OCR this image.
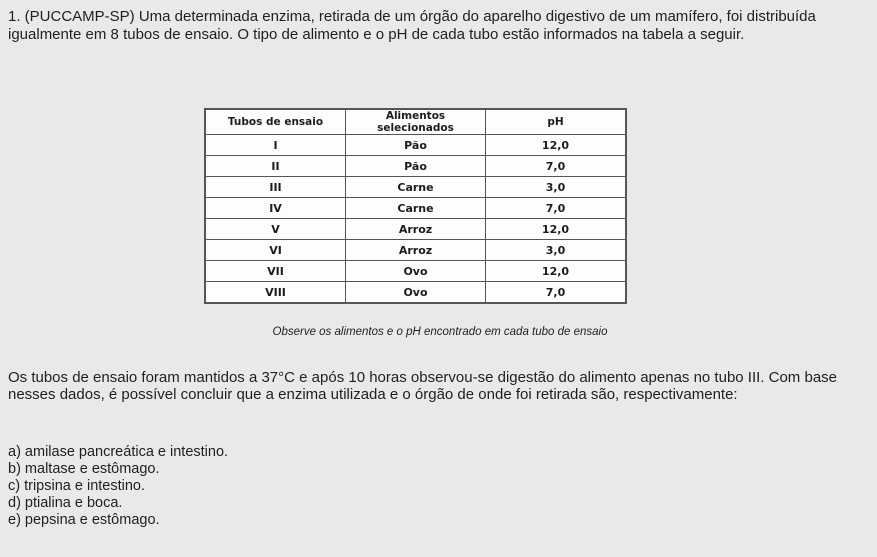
1. (PUCCAMP-SP) Uma determinada enzima, retirada de um órgão do aparelho digestivo de um mamífero, foi distribuída igualmente em 8 tubos de ensaio. O tipo de alimento e o pH de cada tubo estão informados na tabela a seguir.
Tubos de ensaio	Alimentos selecionados	pH
I	Pão	12,0
II	Pão	7,0
III	Carne	3,0
IV	Carne	7,0
V	Arroz	12,0
VI	Arroz	3,0
VII	Ovo	12,0
VIII	Ovo	7,0
Observe os alimentos e o pH encontrado em cada tubo de ensaio
Os tubos de ensaio foram mantidos a 37°C e após 10 horas observou-se digestão do alimento apenas no tubo III. Com base nesses dados, é possível concluir que a enzima utilizada e o órgão de onde foi retirada são, respectivamente:
a) amilase pancreática e intestino.
b) maltase e estômago.
c) tripsina e intestino.
d) ptialina e boca.
e) pepsina e estômago.
